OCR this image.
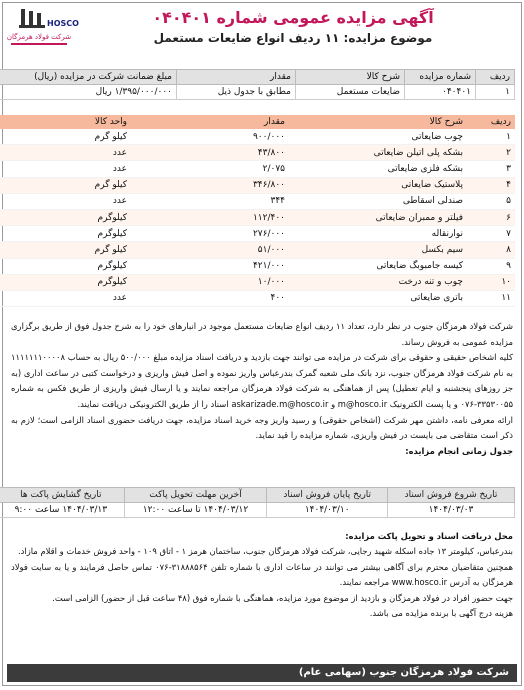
HOSCO
شرکت فولاد هرمزگان
آگهی مزایده عمومی شماره ۰۴۰۴۰۱
موضوع مزایده: ۱۱ ردیف انواع ضایعات مستعمل
ردیف	شماره مزایده	شرح کالا	مقدار	مبلغ ضمانت شرکت در مزایده (ریال)
۱	۰۴۰۴۰۱	ضایعات مستعمل	مطابق با جدول ذیل	۱/۳۹۵/۰۰۰/۰۰۰ ریال
ردیف	شرح کالا	مقدار	واحد کالا
۱	چوب ضایعاتی	۹۰۰/۰۰۰	کیلو گرم
۲	بشکه پلی اتیلن ضایعاتی	۴۳/۸۰۰	عدد
۳	بشکه فلزی ضایعاتی	۲/۰۷۵	عدد
۴	پلاستیک ضایعاتی	۳۴۶/۸۰۰	کیلو گرم
۵	صندلی اسقاطی	۳۴۴	عدد
۶	فیلتر و ممبران ضایعاتی	۱۱۲/۴۰۰	کیلوگرم
۷	نوارنقاله	۲۷۶/۰۰۰	کیلوگرم
۸	سیم بکسل	۵۱/۰۰۰	کیلو گرم
۹	کیسه جامبوبگ ضایعاتی	۴۲۱/۰۰۰	کیلوگرم
۱۰	چوب و تنه درخت	۱۰/۰۰۰	کیلوگرم
۱۱	باتری ضایعاتی	۴۰۰	عدد

شرکت فولاد هرمزگان جنوب در نظر دارد، تعداد ۱۱ ردیف انواع ضایعات مستعمل موجود در انبارهای خود را به شرح جدول فوق از طریق برگزاری مزایده عمومی به فروش رساند.

کلیه اشخاص حقیقی و حقوقی برای شرکت در مزایده می توانند جهت بازدید و دریافت اسناد مزایده مبلغ ۵۰۰/۰۰۰ ریال به حساب ۱۱۱۱۱۱۱۰۰۰۰۸ به نام شرکت فولاد هرمزگان جنوب، نزد بانک ملی شعبه گمرک بندرعباس واریز نموده و اصل فیش واریزی و درخواست کتبی در ساعت اداری (به جز روزهای پنجشنبه و ایام تعطیل) پس از هماهنگی به شرکت فولاد هرمزگان مراجعه نمایند و یا ارسال فیش واریزی از طریق فکس به شماره ۳۳۵۳۰۰۵۵-۰۷۶ و یا پست الکترونیک m@hosco.ir و askarizade.m@hosco.ir اسناد را از طریق الکترونیکی دریافت نمایند.

ارائه معرفی نامه، داشتن مهر شرکت (اشخاص حقوقی) و رسید واریز وجه خرید اسناد مزایده، جهت دریافت حضوری اسناد الزامی است؛ لازم به ذکر است متقاضی می بایست در فیش واریزی، شماره مزایده را قید نماید.

جدول زمانی انجام مزایده:

تاریخ شروع فروش اسناد	تاریخ پایان فروش اسناد	آخرین مهلت تحویل پاکت	تاریخ گشایش پاکت ها
۱۴۰۴/۰۳/۰۳	۱۴۰۴/۰۳/۱۰	۱۴۰۴/۰۳/۱۲ تا ساعت ۱۲:۰۰	۱۴۰۴/۰۳/۱۳ ساعت ۹:۰۰

محل دریافت اسناد و تحویل پاکت مزایده:

بندرعباس، کیلومتر ۱۳ جاده اسکله شهید رجایی، شرکت فولاد هرمزگان جنوب، ساختمان هرمز ۱ - اتاق ۱۰۹ - واحد فروش خدمات و اقلام مازاد.

همچنین متقاضیان محترم برای آگاهی بیشتر می توانند در ساعات اداری با شماره تلفن ۳۱۸۸۸۵۶۴-۰۷۶ تماس حاصل فرمایند و یا به سایت فولاد هرمزگان به آدرس www.hosco.ir مراجعه نمایند.

جهت حضور افراد در فولاد هرمزگان و بازدید از موضوع مورد مزایده، هماهنگی با شماره فوق (۴۸ ساعت قبل از حضور) الزامی است.

هزینه درج آگهی با برنده مزایده می باشد.

شرکت فولاد هرمزگان جنوب (سهامی عام)
